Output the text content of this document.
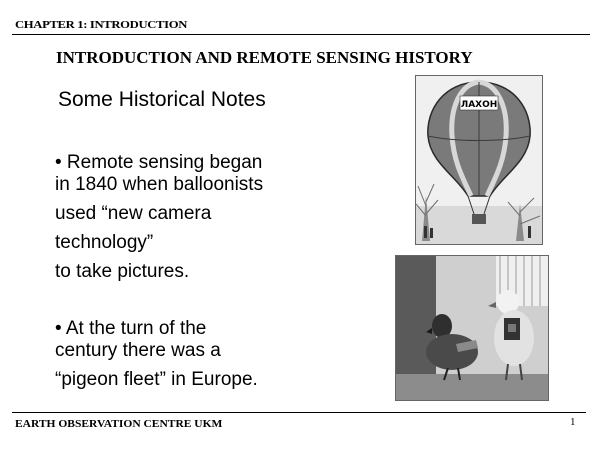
CHAPTER 1: INTRODUCTION
INTRODUCTION AND REMOTE SENSING HISTORY
Some Historical Notes
• Remote sensing began
in 1840 when balloonists
used “new camera
technology”
to take pictures.
• At the turn of the
century there was a
“pigeon fleet” in Europe.
ЛАХОН
EARTH OBSERVATION CENTRE UKM	1
